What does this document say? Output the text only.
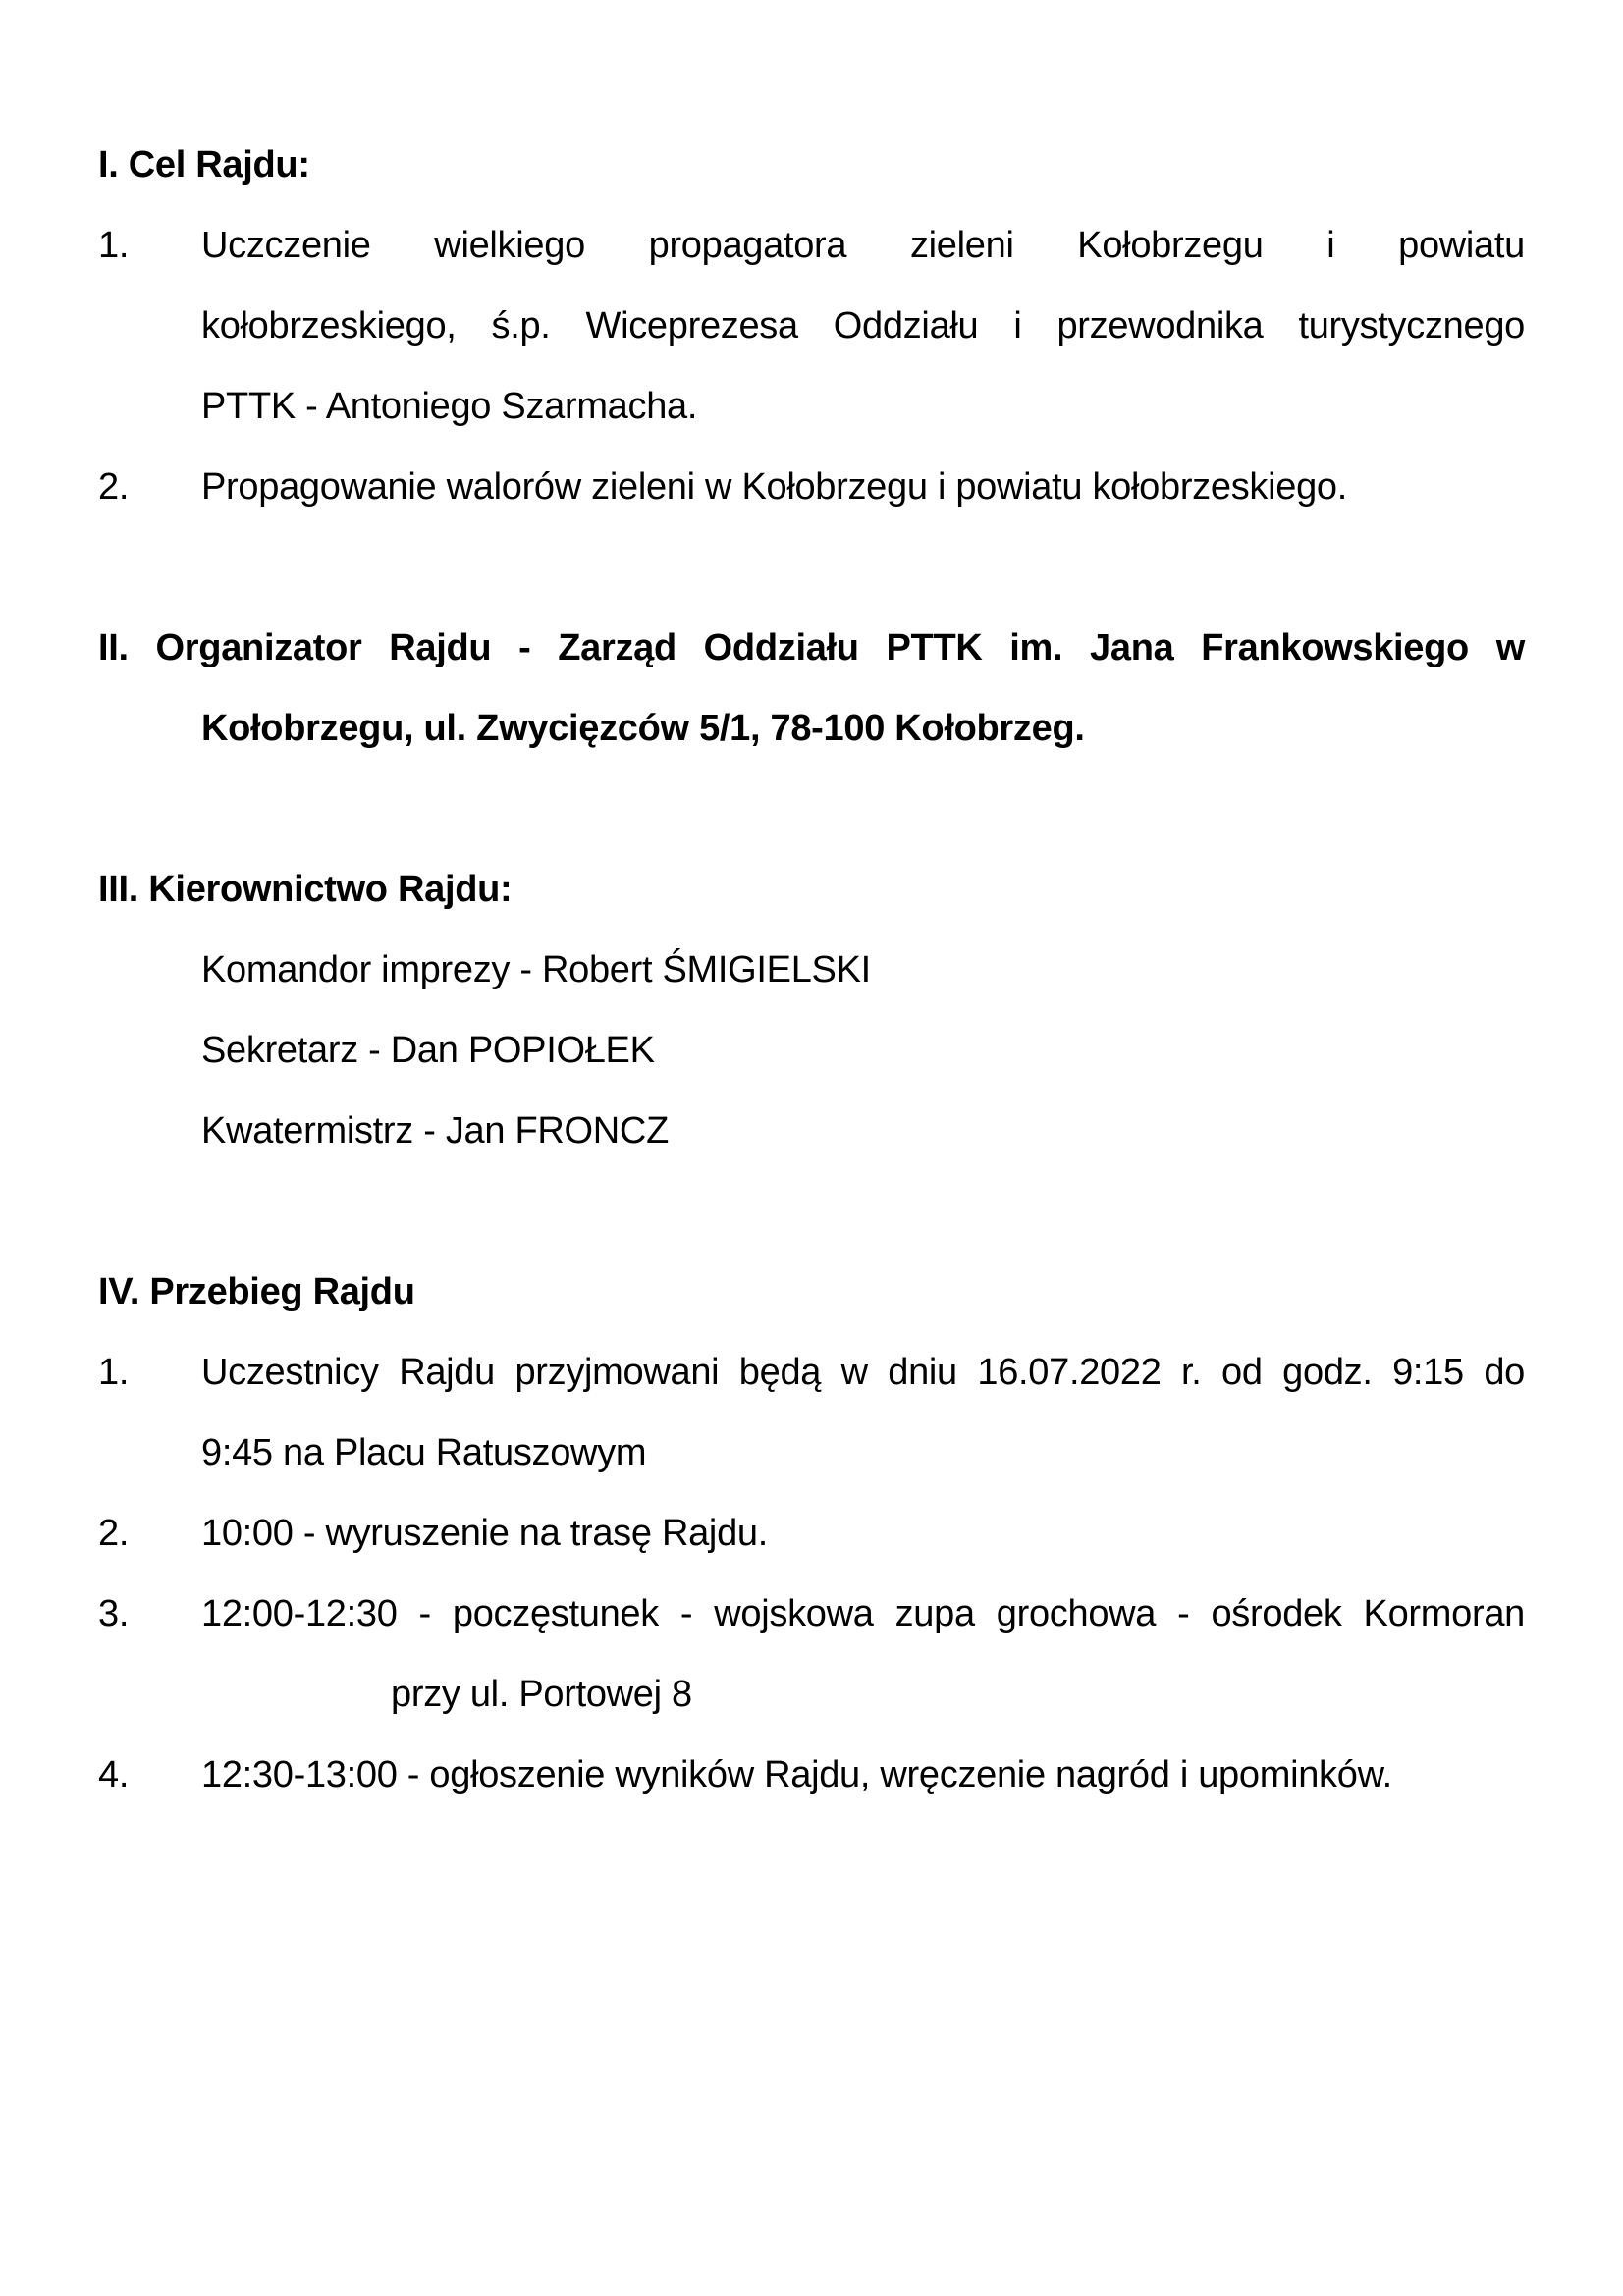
I. Cel Rajdu:
1. Uczczenie wielkiego propagatora zieleni Kołobrzegu i powiatu
kołobrzeskiego, ś.p. Wiceprezesa Oddziału i przewodnika turystycznego
PTTK - Antoniego Szarmacha.
2. Propagowanie walorów zieleni w Kołobrzegu i powiatu kołobrzeskiego.
II. Organizator Rajdu - Zarząd Oddziału PTTK im. Jana Frankowskiego w
Kołobrzegu, ul. Zwycięzców 5/1, 78-100 Kołobrzeg.
III. Kierownictwo Rajdu:
Komandor imprezy - Robert ŚMIGIELSKI
Sekretarz - Dan POPIOŁEK
Kwatermistrz - Jan FRONCZ
IV. Przebieg Rajdu
1. Uczestnicy Rajdu przyjmowani będą w dniu 16.07.2022 r. od godz. 9:15 do
9:45 na Placu Ratuszowym
2. 10:00 - wyruszenie na trasę Rajdu.
3. 12:00-12:30 - poczęstunek - wojskowa zupa grochowa - ośrodek Kormoran
przy ul. Portowej 8
4. 12:30-13:00 - ogłoszenie wyników Rajdu, wręczenie nagród i upominków.
